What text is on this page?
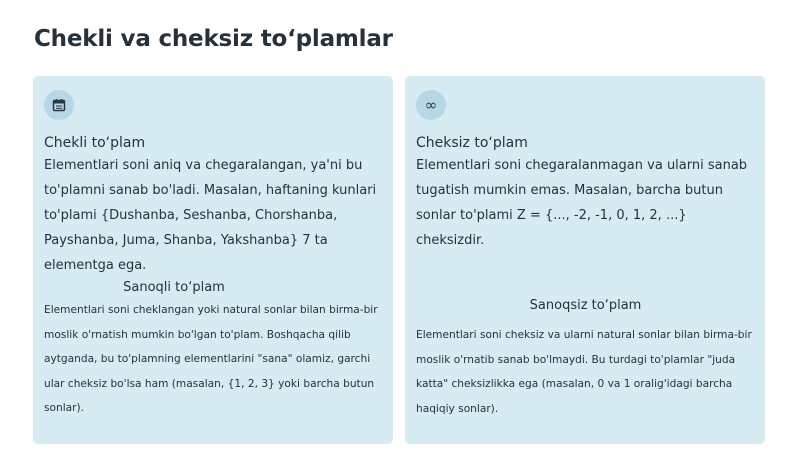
Chekli va cheksiz to‘plamlar
Chekli to‘plam
Elementlari soni aniq va chegaralangan, ya'ni bu to'plamni sanab bo'ladi. Masalan, haftaning kunlari to'plami {Dushanba, Seshanba, Chorshanba, Payshanba, Juma, Shanba, Yakshanba} 7 ta elementga ega.
Sanoqli to‘plam
Elementlari soni cheklangan yoki natural sonlar bilan birma-bir moslik o'rnatish mumkin bo'lgan to'plam. Boshqacha qilib aytganda, bu to'plamning elementlarini "sana" olamiz, garchi ular cheksiz bo'lsa ham (masalan, {1, 2, 3} yoki barcha butun sonlar).
∞
Cheksiz to‘plam
Elementlari soni chegaralanmagan va ularni sanab tugatish mumkin emas. Masalan, barcha butun sonlar to'plami Z = {..., -2, -1, 0, 1, 2, ...} cheksizdir.
Sanoqsiz to‘plam
Elementlari soni cheksiz va ularni natural sonlar bilan birma-bir moslik o'rnatib sanab bo'lmaydi. Bu turdagi to'plamlar "juda katta" cheksizlikka ega (masalan, 0 va 1 oralig'idagi barcha haqiqiy sonlar).
